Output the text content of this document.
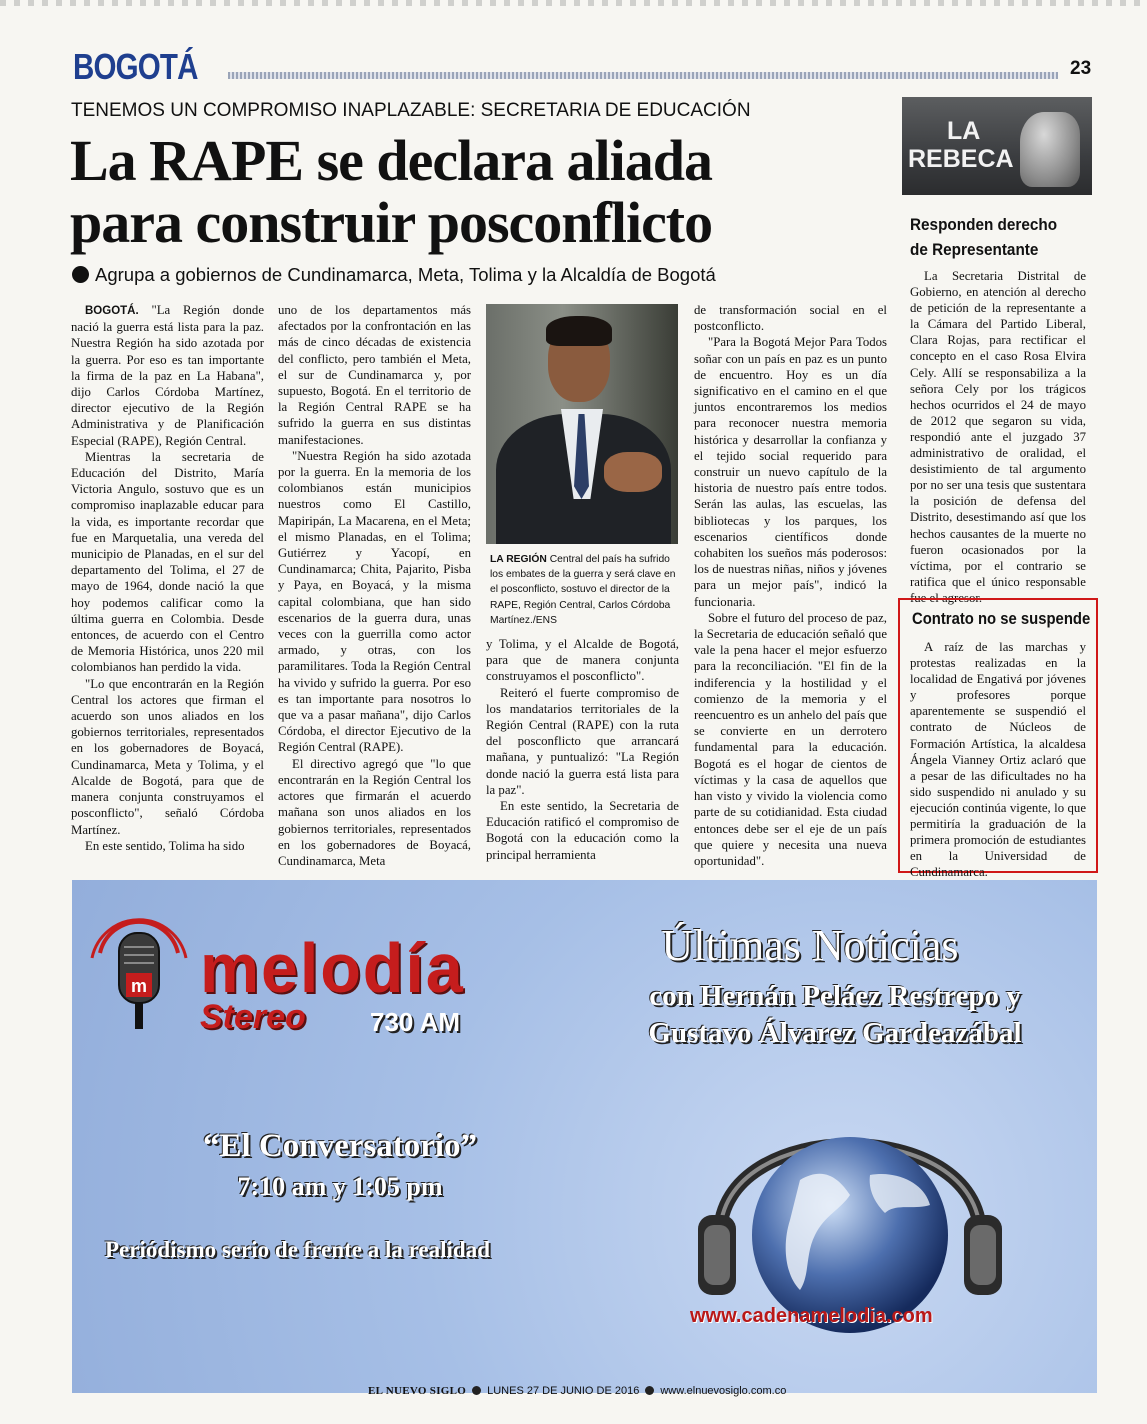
BOGOTÁ	23
TENEMOS UN COMPROMISO INAPLAZABLE: SECRETARIA DE EDUCACIÓN
La RAPE se declara aliada
para construir posconflicto
Agrupa a gobiernos de Cundinamarca, Meta, Tolima y la Alcaldía de Bogotá

BOGOTÁ. "La Región donde nació la guerra está lista para la paz. Nuestra Región ha sido azotada por la guerra. Por eso es tan importante la firma de la paz en La Habana", dijo Carlos Córdoba Martínez, director ejecutivo de la Región Administrativa y de Planificación Especial (RAPE), Región Central.

Mientras la secretaria de Educación del Distrito, María Victoria Angulo, sostuvo que es un compromiso inaplazable educar para la vida, es importante recordar que fue en Marquetalia, una vereda del municipio de Planadas, en el sur del departamento del Tolima, el 27 de mayo de 1964, donde nació la que hoy podemos calificar como la última guerra en Colombia. Desde entonces, de acuerdo con el Centro de Memoria Histórica, unos 220 mil colombianos han perdido la vida.

"Lo que encontrarán en la Región Central los actores que firman el acuerdo son unos aliados en los gobiernos territoriales, representados en los gobernadores de Boyacá, Cundinamarca, Meta y Tolima, y el Alcalde de Bogotá, para que de manera conjunta construyamos el posconflicto", señaló Córdoba Martínez.

En este sentido, Tolima ha sido

uno de los departamentos más afectados por la confrontación en las más de cinco décadas de existencia del conflicto, pero también el Meta, el sur de Cundinamarca y, por supuesto, Bogotá. En el territorio de la Región Central RAPE se ha sufrido la guerra en sus distintas manifestaciones.

"Nuestra Región ha sido azotada por la guerra. En la memoria de los colombianos están municipios nuestros como El Castillo, Mapiripán, La Macarena, en el Meta; el mismo Planadas, en el Tolima; Gutiérrez y Yacopí, en Cundinamarca; Chita, Pajarito, Pisba y Paya, en Boyacá, y la misma capital colombiana, que han sido escenarios de la guerra dura, unas veces con la guerrilla como actor armado, y otras, con los paramilitares. Toda la Región Central ha vivido y sufrido la guerra. Por eso es tan importante para nosotros lo que va a pasar mañana", dijo Carlos Córdoba, el director Ejecutivo de la Región Central (RAPE).

El directivo agregó que "lo que encontrarán en la Región Central los actores que firmarán el acuerdo mañana son unos aliados en los gobiernos territoriales, representados en los gobernadores de Boyacá, Cundinamarca, Meta

LA REGIÓN Central del país ha sufrido los embates de la guerra y será clave en el posconflicto, sostuvo el director de la RAPE, Región Central, Carlos Córdoba Martínez./ENS

y Tolima, y el Alcalde de Bogotá, para que de manera conjunta construyamos el posconflicto".

Reiteró el fuerte compromiso de los mandatarios territoriales de la Región Central (RAPE) con la ruta del posconflicto que arrancará mañana, y puntualizó: "La Región donde nació la guerra está lista para la paz".

En este sentido, la Secretaria de Educación ratificó el compromiso de Bogotá con la educación como la principal herramienta

de transformación social en el postconflicto.

"Para la Bogotá Mejor Para Todos soñar con un país en paz es un punto de encuentro. Hoy es un día significativo en el camino en el que juntos encontraremos los medios para reconocer nuestra memoria histórica y desarrollar la confianza y el tejido social requerido para construir un nuevo capítulo de la historia de nuestro país entre todos. Serán las aulas, las escuelas, las bibliotecas y los parques, los escenarios científicos donde cohabiten los sueños más poderosos: los de nuestras niñas, niños y jóvenes para un mejor país", indicó la funcionaria.

Sobre el futuro del proceso de paz, la Secretaria de educación señaló que vale la pena hacer el mejor esfuerzo para la reconciliación. "El fin de la indiferencia y la hostilidad y el comienzo de la memoria y el reencuentro es un anhelo del país que se convierte en un derrotero fundamental para la educación. Bogotá es el hogar de cientos de víctimas y la casa de aquellos que han visto y vivido la violencia como parte de su cotidianidad. Esta ciudad entonces debe ser el eje de un país que quiere y necesita una nueva oportunidad".

LA
REBECA
Responden derecho de Representante
La Secretaria Distrital de Gobierno, en atención al derecho de petición de la representante a la Cámara del Partido Liberal, Clara Rojas, para rectificar el concepto en el caso Rosa Elvira Cely. Allí se responsabiliza a la señora Cely por los trágicos hechos ocurridos el 24 de mayo de 2012 que segaron su vida, respondió ante el juzgado 37 administrativo de oralidad, el desistimiento de tal argumento por no ser una tesis que sustentara la posición de defensa del Distrito, desestimando así que los hechos causantes de la muerte no fueron ocasionados por la víctima, por el contrario se ratifica que el único responsable fue el agresor.
Contrato no se suspende
A raíz de las marchas y protestas realizadas en la localidad de Engativá por jóvenes y profesores porque aparentemente se suspendió el contrato de Núcleos de Formación Artística, la alcaldesa Ángela Vianney Ortiz aclaró que a pesar de las dificultades no ha sido suspendido ni anulado y su ejecución continúa vigente, lo que permitiría la graduación de la primera promoción de estudiantes en la Universidad de Cundinamarca.
m melodía
Stereo 730 AM
Últimas Noticias
con Hernán Peláez Restrepo y
Gustavo Álvarez Gardeazábal
“El Conversatorio”
7:10 am y 1:05 pm
Periódismo serio de frente a la realidad
www.cadenamelodia.com
EL NUEVO SIGLO LUNES 27 DE JUNIO DE 2016 www.elnuevosiglo.com.co
